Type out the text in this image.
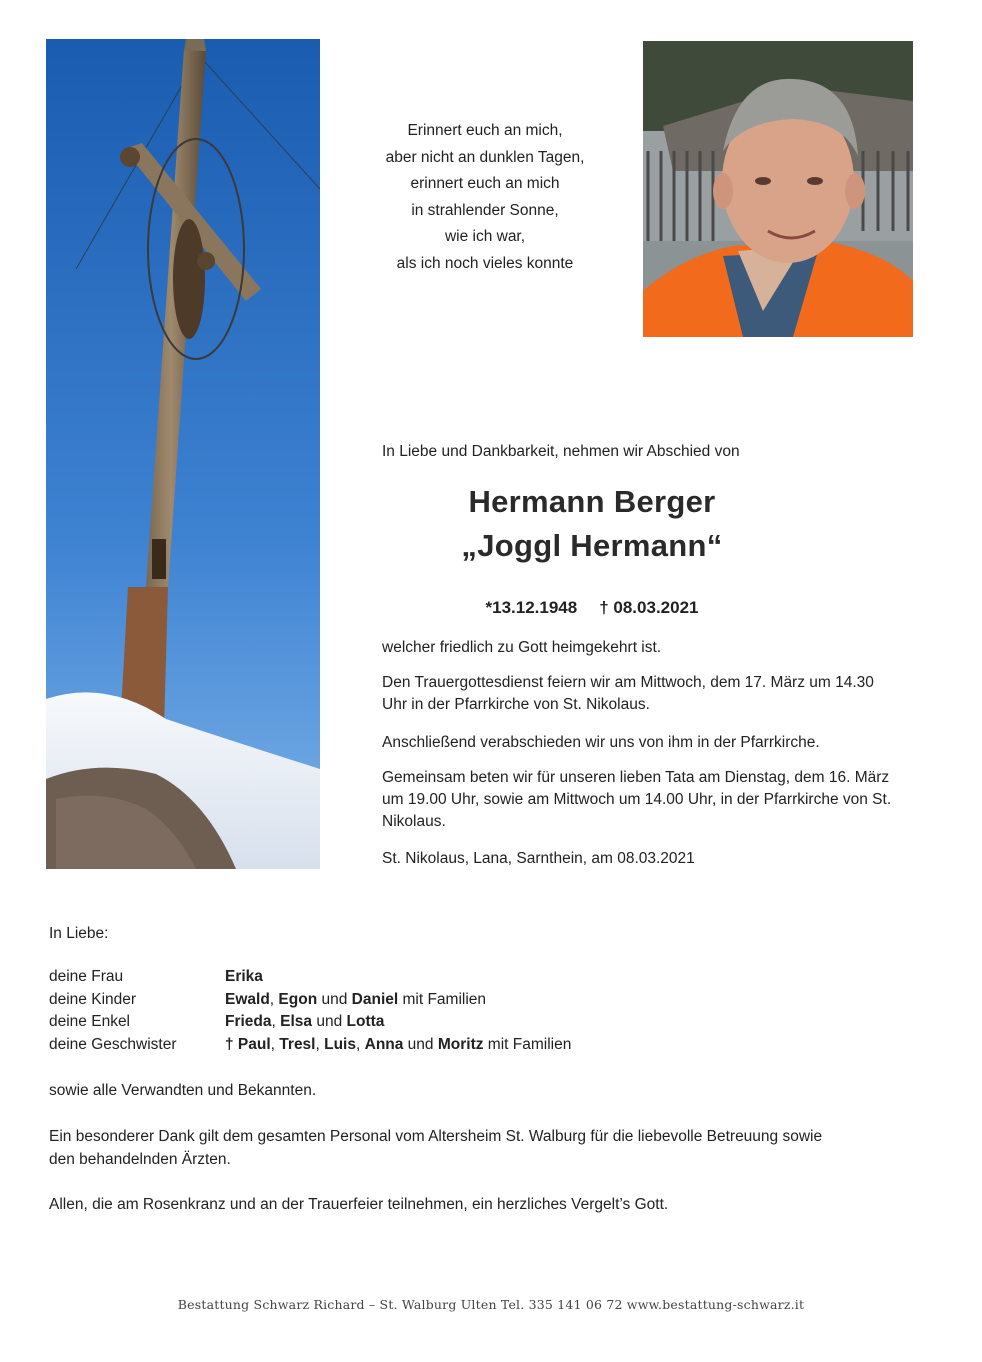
Erinnert euch an mich,
aber nicht an dunklen Tagen,
erinnert euch an mich
in strahlender Sonne,
wie ich war,
als ich noch vieles konnte
In Liebe und Dankbarkeit, nehmen wir Abschied von
Hermann Berger
„Joggl Hermann“
*13.12.1948 † 08.03.2021
welcher friedlich zu Gott heimgekehrt ist.
Den Trauergottesdienst feiern wir am Mittwoch, dem 17. März um 14.30 Uhr in der Pfarrkirche von St. Nikolaus.
Anschließend verabschieden wir uns von ihm in der Pfarrkirche.
Gemeinsam beten wir für unseren lieben Tata am Dienstag, dem 16. März um 19.00 Uhr, sowie am Mittwoch um 14.00 Uhr, in der Pfarrkirche von St. Nikolaus.
St. Nikolaus, Lana, Sarnthein, am 08.03.2021
In Liebe:
deine Frau	Erika
deine Kinder	Ewald, Egon und Daniel mit Familien
deine Enkel	Frieda, Elsa und Lotta
deine Geschwister	† Paul, Tresl, Luis, Anna und Moritz mit Familien
sowie alle Verwandten und Bekannten.
Ein besonderer Dank gilt dem gesamten Personal vom Altersheim St. Walburg für die liebevolle Betreuung sowie den behandelnden Ärzten.
Allen, die am Rosenkranz und an der Trauerfeier teilnehmen, ein herzliches Vergelt’s Gott.
Bestattung Schwarz Richard – St. Walburg Ulten Tel. 335 141 06 72 www.bestattung-schwarz.it
